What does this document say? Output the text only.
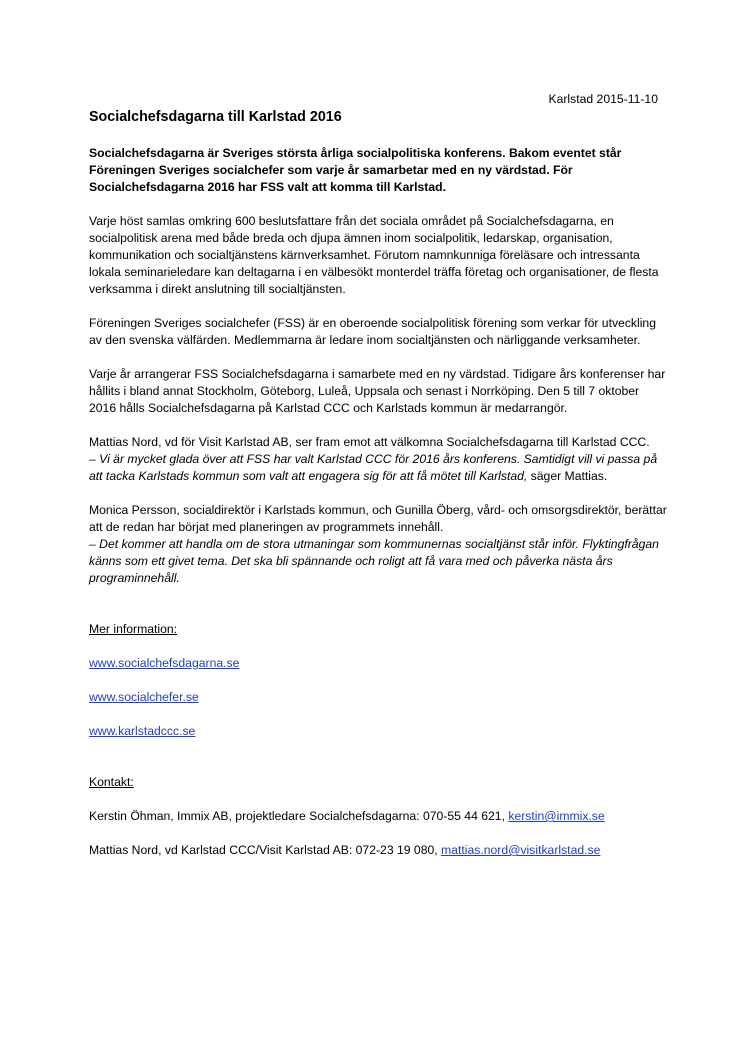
Karlstad 2015-11-10
Socialchefsdagarna till Karlstad 2016

Socialchefsdagarna är Sveriges största årliga socialpolitiska konferens. Bakom eventet står Föreningen Sveriges socialchefer som varje år samarbetar med en ny värdstad. För Socialchefsdagarna 2016 har FSS valt att komma till Karlstad.

Varje höst samlas omkring 600 beslutsfattare från det sociala området på Socialchefsdagarna, en socialpolitisk arena med både breda och djupa ämnen inom socialpolitik, ledarskap, organisation, kommunikation och socialtjänstens kärnverksamhet. Förutom namnkunniga föreläsare och intressanta lokala seminarieledare kan deltagarna i en välbesökt monterdel träffa företag och organisationer, de flesta verksamma i direkt anslutning till socialtjänsten.

Föreningen Sveriges socialchefer (FSS) är en oberoende socialpolitisk förening som verkar för utveckling av den svenska välfärden. Medlemmarna är ledare inom socialtjänsten och närliggande verksamheter.

Varje år arrangerar FSS Socialchefsdagarna i samarbete med en ny värdstad. Tidigare års konferenser har hållits i bland annat Stockholm, Göteborg, Luleå, Uppsala och senast i Norrköping. Den 5 till 7 oktober 2016 hålls Socialchefsdagarna på Karlstad CCC och Karlstads kommun är medarrangör.

Mattias Nord, vd för Visit Karlstad AB, ser fram emot att välkomna Socialchefsdagarna till Karlstad CCC.
– Vi är mycket glada över att FSS har valt Karlstad CCC för 2016 års konferens. Samtidigt vill vi passa på att tacka Karlstads kommun som valt att engagera sig för att få mötet till Karlstad, säger Mattias.

Monica Persson, socialdirektör i Karlstads kommun, och Gunilla Öberg, vård- och omsorgsdirektör, berättar att de redan har börjat med planeringen av programmets innehåll.
– Det kommer att handla om de stora utmaningar som kommunernas socialtjänst står inför. Flyktingfrågan känns som ett givet tema. Det ska bli spännande och roligt att få vara med och påverka nästa års programinnehåll.

Mer information:

www.socialchefsdagarna.se

www.socialchefer.se

www.karlstadccc.se

Kontakt:

Kerstin Öhman, Immix AB, projektledare Socialchefsdagarna: 070-55 44 621, kerstin@immix.se

Mattias Nord, vd Karlstad CCC/Visit Karlstad AB: 072-23 19 080, mattias.nord@visitkarlstad.se
